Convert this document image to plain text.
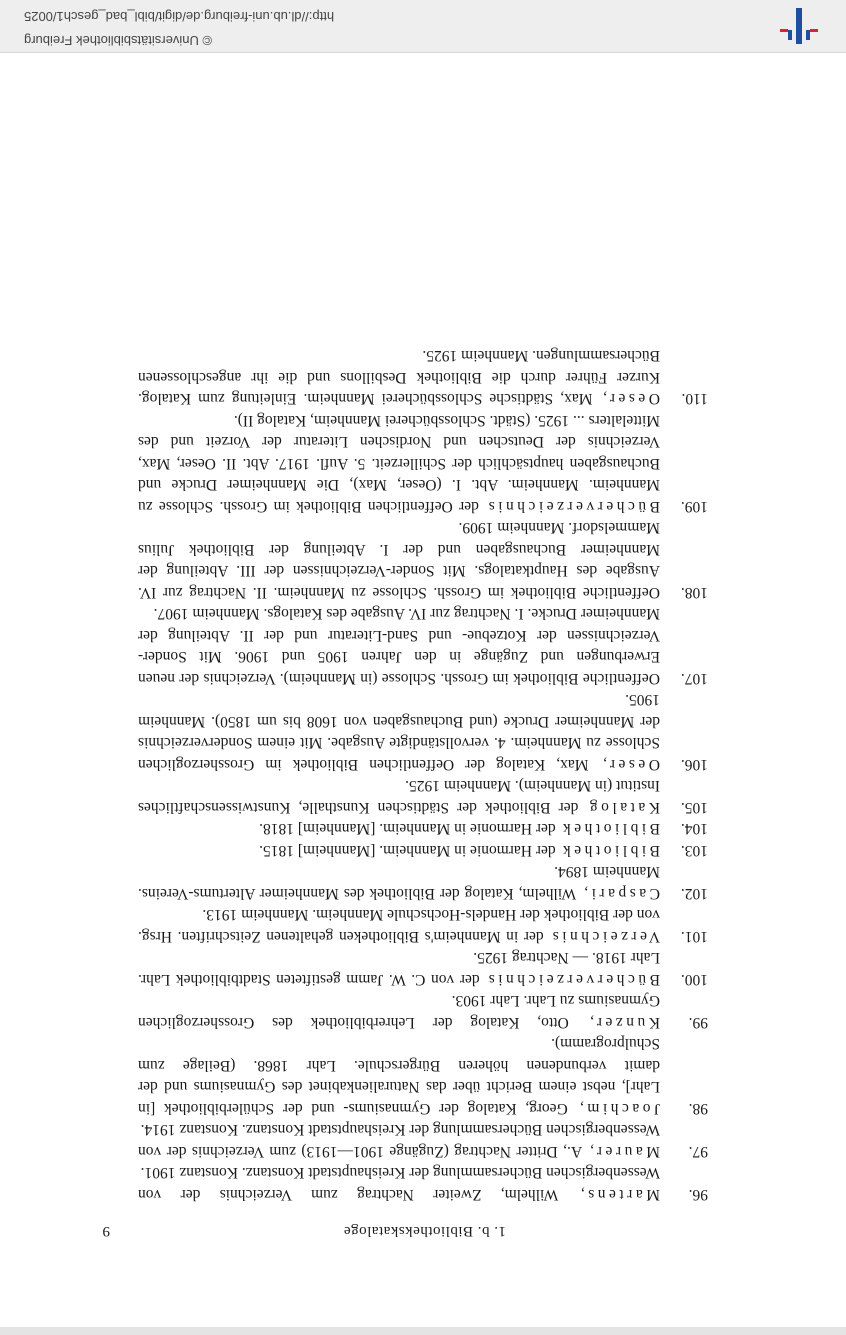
1. b. Bibliothekskataloge
9
96.
Martens, Wilhelm, Zweiter Nachtrag zum Verzeichnis der von Wessenbergischen Büchersammlung der Kreishauptstadt Konstanz. Konstanz 1901.
97.
Maurer, A., Dritter Nachtrag (Zugänge 1901—1913) zum Verzeichnis der von Wessenbergischen Büchersammlung der Kreishauptstadt Konstanz. Konstanz 1914.
98.
Joachim, Georg, Katalog der Gymnasiums- und der Schülerbibliothek [in Lahr], nebst einem Bericht über das Naturalienkabinet des Gymnasiums und der damit verbundenen höheren Bürgerschule. Lahr 1868. (Beilage zum Schulprogramm).
99.
Kunzer, Otto, Katalog der Lehrerbibliothek des Grossherzoglichen Gymnasiums zu Lahr. Lahr 1903.
100.
Bücherverzeichnis der von C. W. Jamm gestifteten Stadtbibliothek Lahr. Lahr 1918. — Nachtrag 1925.
101.
Verzeichnis der in Mannheim's Bibliotheken gehaltenen Zeitschriften. Hrsg. von der Bibliothek der Handels-Hochschule Mannheim. Mannheim 1913.
102.
Caspari, Wilhelm, Katalog der Bibliothek des Mannheimer Altertums-Vereins. Mannheim 1894.
103.
Bibliothek der Harmonie in Mannheim. [Mannheim] 1815.
104.
Bibliothek der Harmonie in Mannheim. [Mannheim] 1818.
105.
Katalog der Bibliothek der Städtischen Kunsthalle, Kunstwissenschaftliches Institut (in Mannheim). Mannheim 1925.
106.
Oeser, Max, Katalog der Oeffentlichen Bibliothek im Grossherzoglichen Schlosse zu Mannheim. 4. vervollständigte Ausgabe. Mit einem Sonderverzeichnis der Mannheimer Drucke (und Buchausgaben von 1608 bis um 1850). Mannheim 1905.
107.
Oeffentliche Bibliothek im Grossh. Schlosse (in Mannheim). Verzeichnis der neuen Erwerbungen und Zugänge in den Jahren 1905 und 1906. Mit Sonder-Verzeichnissen der Kotzebue- und Sand-Literatur und der II. Abteilung der Mannheimer Drucke. I. Nachtrag zur IV. Ausgabe des Katalogs. Mannheim 1907.
108.
Oeffentliche Bibliothek im Grossh. Schlosse zu Mannheim. II. Nachtrag zur IV. Ausgabe des Hauptkatalogs. Mit Sonder-Verzeichnissen der III. Abteilung der Mannheimer Buchausgaben und der I. Abteilung der Bibliothek Julius Mammelsdorf. Mannheim 1909.
109.
Bücherverzeichnis der Oeffentlichen Bibliothek im Grossh. Schlosse zu Mannheim. Mannheim. Abt. I. (Oeser, Max), Die Mannheimer Drucke und Buchausgaben hauptsächlich der Schillerzeit. 5. Aufl. 1917. Abt. II. Oeser, Max, Verzeichnis der Deutschen und Nordischen Literatur der Vorzeit und des Mittelalters ... 1925. (Städt. Schlossbücherei Mannheim, Katalog II).
110.
Oeser, Max, Städtische Schlossbücherei Mannheim. Einleitung zum Katalog. Kurzer Führer durch die Bibliothek Desbillons und die ihr angeschlossenen Büchersammlungen. Mannheim 1925.
© Universitätsbibliothek Freiburg
http://dl.ub.uni-freiburg.de/digit/bibl_bad_gesch1/0025
